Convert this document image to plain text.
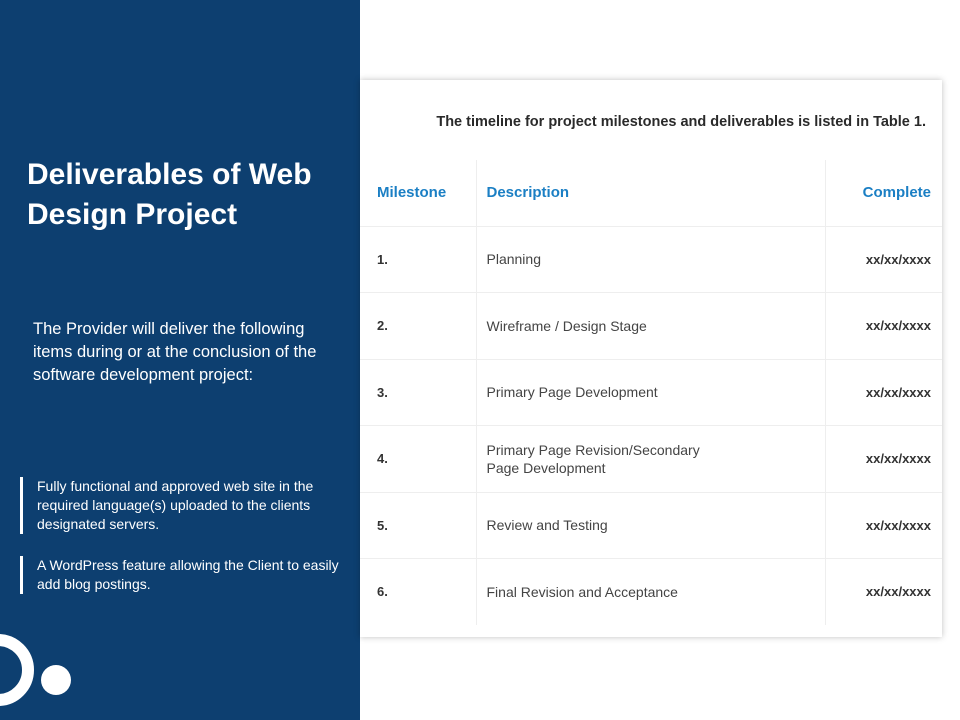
Deliverables of Web Design Project

The Provider will deliver the following items during or at the conclusion of the software development project:

Fully functional and approved web site in the required language(s) uploaded to the clients designated servers.
A WordPress feature allowing the Client to easily add blog postings.
The timeline for project milestones and deliverables is listed in Table 1.
Milestone	Description	Complete
1.	Planning	xx/xx/xxxx
2.	Wireframe / Design Stage	xx/xx/xxxx
3.	Primary Page Development	xx/xx/xxxx
4.	Primary Page Revision/Secondary Page Development	xx/xx/xxxx
5.	Review and Testing	xx/xx/xxxx
6.	Final Revision and Acceptance	xx/xx/xxxx
